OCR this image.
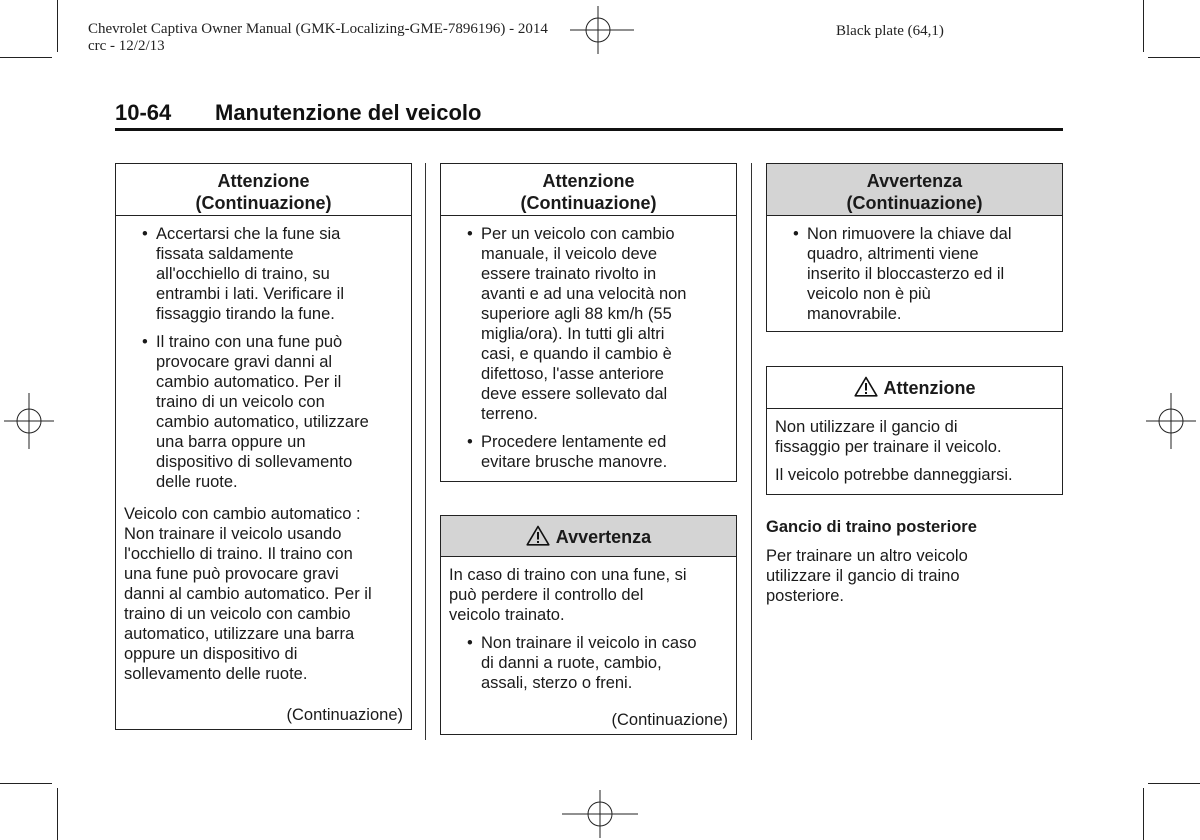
Chevrolet Captiva Owner Manual (GMK-Localizing-GME-7896196) - 2014
crc - 12/2/13
Black plate (64,1)
10-64 Manutenzione del veicolo
Attenzione
(Continuazione)
• Accertarsi che la fune sia
fissata saldamente
all'occhiello di traino, su
entrambi i lati. Verificare il
fissaggio tirando la fune.
• Il traino con una fune può
provocare gravi danni al
cambio automatico. Per il
traino di un veicolo con
cambio automatico, utilizzare
una barra oppure un
dispositivo di sollevamento
delle ruote.

Veicolo con cambio automatico :
Non trainare il veicolo usando
l'occhiello di traino. Il traino con
una fune può provocare gravi
danni al cambio automatico. Per il
traino di un veicolo con cambio
automatico, utilizzare una barra
oppure un dispositivo di
sollevamento delle ruote.

(Continuazione)
Attenzione
(Continuazione)
• Per un veicolo con cambio
manuale, il veicolo deve
essere trainato rivolto in
avanti e ad una velocità non
superiore agli 88 km/h (55
miglia/ora). In tutti gli altri
casi, e quando il cambio è
difettoso, l'asse anteriore
deve essere sollevato dal
terreno.
• Procedere lentamente ed
evitare brusche manovre.
Avvertenza

In caso di traino con una fune, si
può perdere il controllo del
veicolo trainato.

• Non trainare il veicolo in caso
di danni a ruote, cambio,
assali, sterzo o freni.
(Continuazione)
Avvertenza
(Continuazione)
• Non rimuovere la chiave dal
quadro, altrimenti viene
inserito il bloccasterzo ed il
veicolo non è più
manovrabile.
Attenzione

Non utilizzare il gancio di
fissaggio per trainare il veicolo.

Il veicolo potrebbe danneggiarsi.

Gancio di traino posteriore
Per trainare un altro veicolo
utilizzare il gancio di traino
posteriore.
